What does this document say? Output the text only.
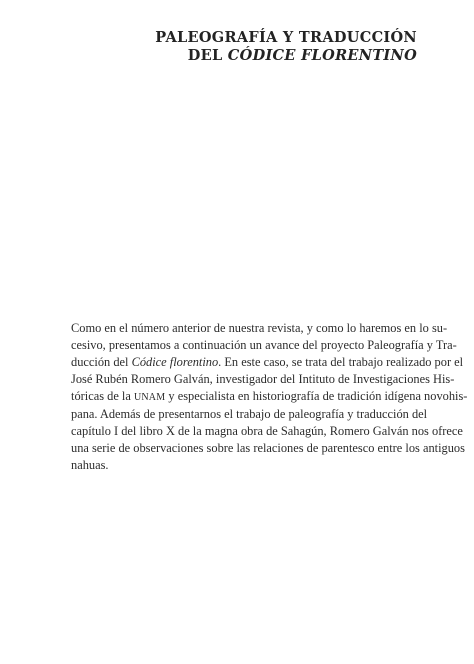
PALEOGRAFÍA Y TRADUCCIÓN
DEL CÓDICE FLORENTINO
Como en el número anterior de nuestra revista, y como lo haremos en lo su-
cesivo, presentamos a continuación un avance del proyecto Paleografía y Tra-
ducción del Códice florentino. En este caso, se trata del trabajo realizado por el
José Rubén Romero Galván, investigador del Intituto de Investigaciones His-
tóricas de la UNAM y especialista en historiografía de tradición idígena novohis-
pana. Además de presentarnos el trabajo de paleografía y traducción del
capítulo I del libro X de la magna obra de Sahagún, Romero Galván nos ofrece
una serie de observaciones sobre las relaciones de parentesco entre los antiguos
nahuas.
